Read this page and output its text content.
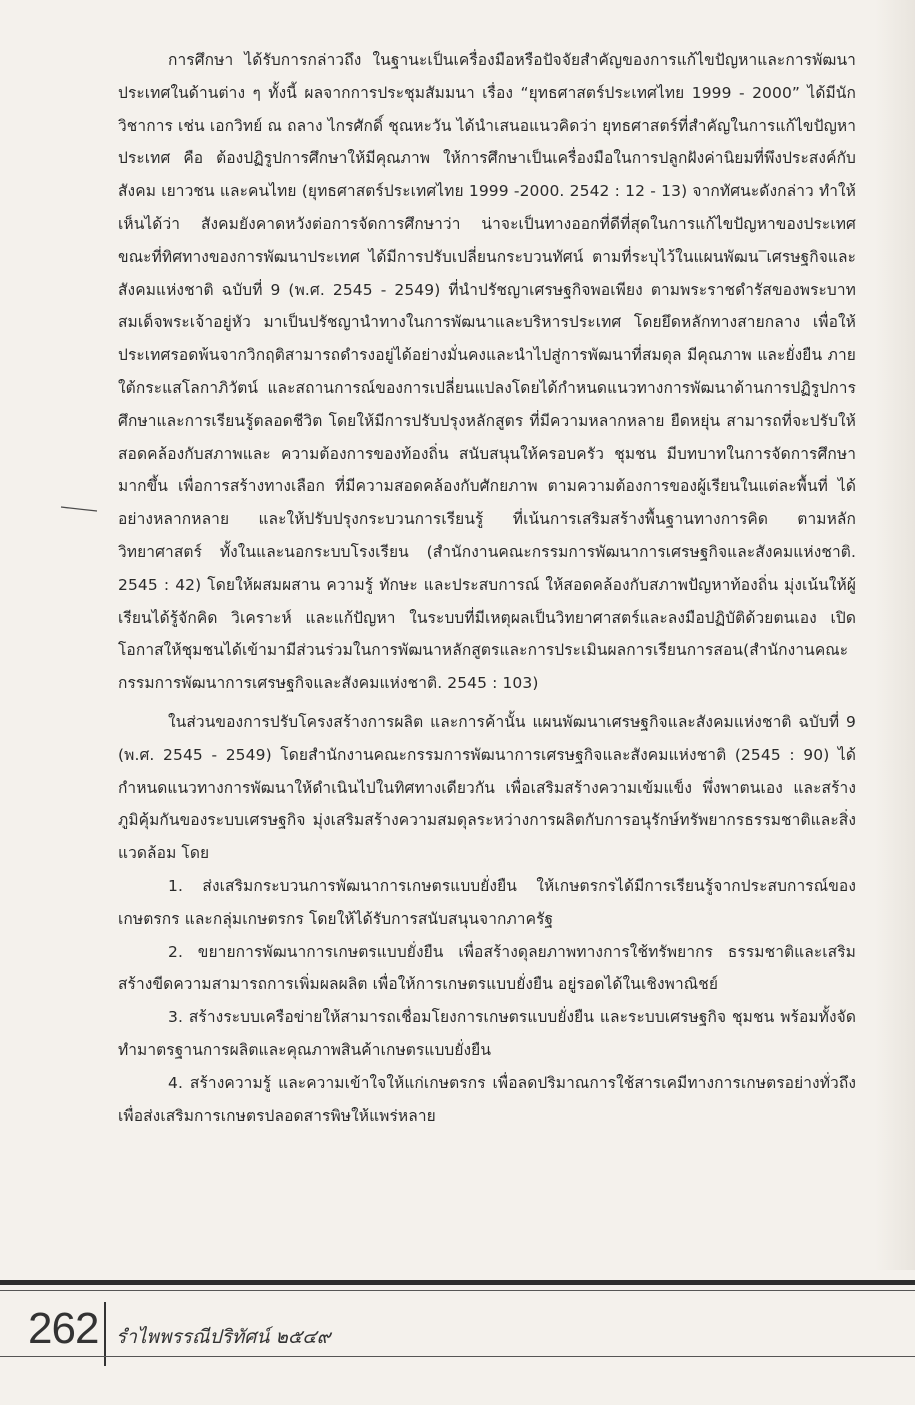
การศึกษา ได้รับการกล่าวถึง ในฐานะเป็นเครื่องมือหรือปัจจัยสำคัญของการแก้ไขปัญหาและการพัฒนาประเทศในด้านต่าง ๆ ทั้งนี้ ผลจากการประชุมสัมมนา เรื่อง “ยุทธศาสตร์ประเทศไทย 1999 - 2000” ได้มีนักวิชาการ เช่น เอกวิทย์ ณ ถลาง ไกรศักดิ์ ชุณหะวัน ได้นำเสนอแนวคิดว่า ยุทธศาสตร์ที่สำคัญในการแก้ไขปัญหาประเทศ คือ ต้องปฏิรูปการศึกษาให้มีคุณภาพ ให้การศึกษาเป็นเครื่องมือในการปลูกฝังค่านิยมที่พึงประสงค์กับสังคม เยาวชน และคนไทย (ยุทธศาสตร์ประเทศไทย 1999 -2000. 2542 : 12 - 13) จากทัศนะดังกล่าว ทำให้เห็นได้ว่า สังคมยังคาดหวังต่อการจัดการศึกษาว่า น่าจะเป็นทางออกที่ดีที่สุดในการแก้ไขปัญหาของประเทศ ขณะที่ทิศทางของการพัฒนาประเทศ ได้มีการปรับเปลี่ยนกระบวนทัศน์ ตามที่ระบุไว้ในแผนพัฒน‾เศรษฐกิจและสังคมแห่งชาติ ฉบับที่ 9 (พ.ศ. 2545 - 2549) ที่นำปรัชญาเศรษฐกิจพอเพียง ตามพระราชดำรัสของพระบาทสมเด็จพระเจ้าอยู่หัว มาเป็นปรัชญานำทางในการพัฒนาและบริหารประเทศ โดยยึดหลักทางสายกลาง เพื่อให้ประเทศรอดพ้นจากวิกฤติสามารถดำรงอยู่ได้อย่างมั่นคงและนำไปสู่การพัฒนาที่สมดุล มีคุณภาพ และยั่งยืน ภายใต้กระแสโลกาภิวัตน์ และสถานการณ์ของการเปลี่ยนแปลงโดยได้กำหนดแนวทางการพัฒนาด้านการปฏิรูปการศึกษาและการเรียนรู้ตลอดชีวิต โดยให้มีการปรับปรุงหลักสูตร ที่มีความหลากหลาย ยืดหยุ่น สามารถที่จะปรับให้สอดคล้องกับสภาพและ ความต้องการของท้องถิ่น สนับสนุนให้ครอบครัว ชุมชน มีบทบาทในการจัดการศึกษามากขึ้น เพื่อการสร้างทางเลือก ที่มีความสอดคล้องกับศักยภาพ ตามความต้องการของผู้เรียนในแต่ละพื้นที่ ได้อย่างหลากหลาย และให้ปรับปรุงกระบวนการเรียนรู้ ที่เน้นการเสริมสร้างพื้นฐานทางการคิด ตามหลักวิทยาศาสตร์ ทั้งในและนอกระบบโรงเรียน (สำนักงานคณะกรรมการพัฒนาการเศรษฐกิจและสังคมแห่งชาติ. 2545 : 42) โดยให้ผสมผสาน ความรู้ ทักษะ และประสบการณ์ ให้สอดคล้องกับสภาพปัญหาท้องถิ่น มุ่งเน้นให้ผู้เรียนได้รู้จักคิด วิเคราะห์ และแก้ปัญหา ในระบบที่มีเหตุผลเป็นวิทยาศาสตร์และลงมือปฏิบัติด้วยตนเอง เปิดโอกาสให้ชุมชนได้เข้ามามีส่วนร่วมในการพัฒนาหลักสูตรและการประเมินผลการเรียนการสอน(สำนักงานคณะกรรมการพัฒนาการเศรษฐกิจและสังคมแห่งชาติ. 2545 : 103)

ในส่วนของการปรับโครงสร้างการผลิต และการค้านั้น แผนพัฒนาเศรษฐกิจและสังคมแห่งชาติ ฉบับที่ 9 (พ.ศ. 2545 - 2549) โดยสำนักงานคณะกรรมการพัฒนาการเศรษฐกิจและสังคมแห่งชาติ (2545 : 90) ได้กำหนดแนวทางการพัฒนาให้ดำเนินไปในทิศทางเดียวกัน เพื่อเสริมสร้างความเข้มแข็ง พึ่งพาตนเอง และสร้างภูมิคุ้มกันของระบบเศรษฐกิจ มุ่งเสริมสร้างความสมดุลระหว่างการผลิตกับการอนุรักษ์ทรัพยากรธรรมชาติและสิ่งแวดล้อม โดย

1. ส่งเสริมกระบวนการพัฒนาการเกษตรแบบยั่งยืน ให้เกษตรกรได้มีการเรียนรู้จากประสบการณ์ของเกษตรกร และกลุ่มเกษตรกร โดยให้ได้รับการสนับสนุนจากภาครัฐ

2. ขยายการพัฒนาการเกษตรแบบยั่งยืน เพื่อสร้างดุลยภาพทางการใช้ทรัพยากร ธรรมชาติและเสริมสร้างขีดความสามารถการเพิ่มผลผลิต เพื่อให้การเกษตรแบบยั่งยืน อยู่รอดได้ในเชิงพาณิชย์

3. สร้างระบบเครือข่ายให้สามารถเชื่อมโยงการเกษตรแบบยั่งยืน และระบบเศรษฐกิจ ชุมชน พร้อมทั้งจัดทำมาตรฐานการผลิตและคุณภาพสินค้าเกษตรแบบยั่งยืน

4. สร้างความรู้ และความเข้าใจให้แก่เกษตรกร เพื่อลดปริมาณการใช้สารเคมีทางการเกษตรอย่างทั่วถึง เพื่อส่งเสริมการเกษตรปลอดสารพิษให้แพร่หลาย

262 รำไพพรรณีปริทัศน์ ๒๕๔๙
